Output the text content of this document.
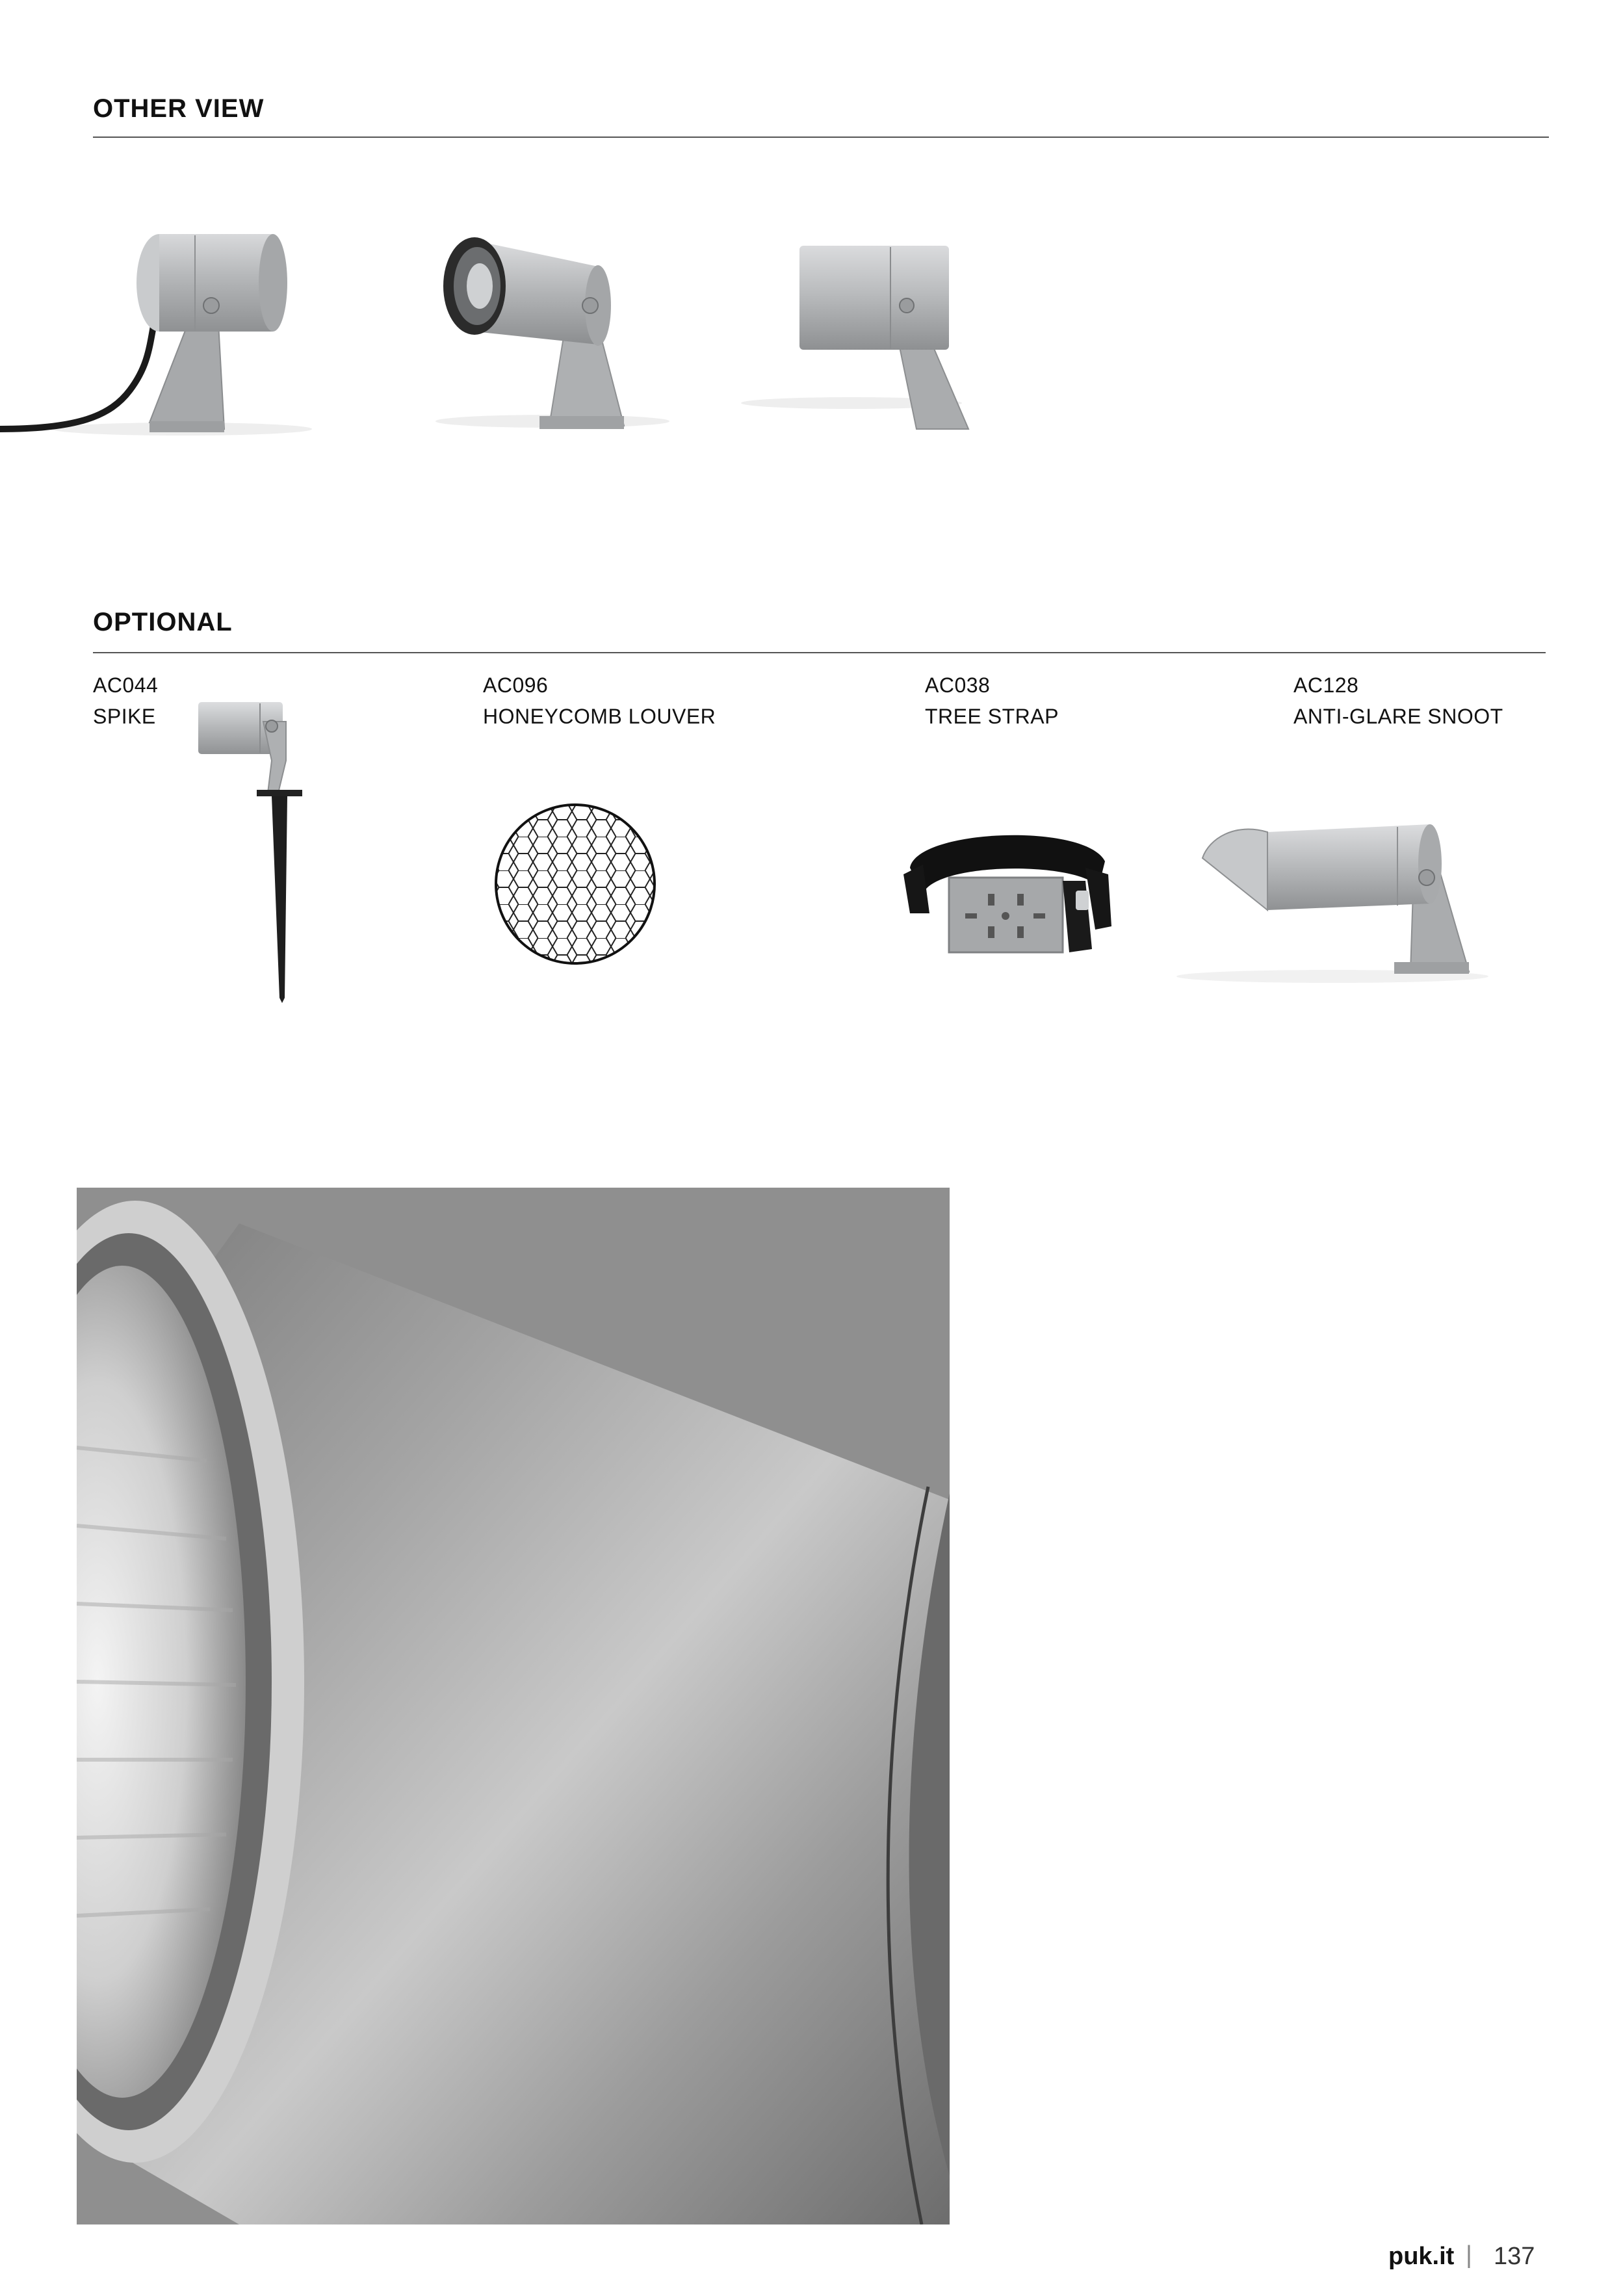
OTHER VIEW
OPTIONAL
AC044
SPIKE
AC096
HONEYCOMB LOUVER
AC038
TREE STRAP
AC128
ANTI-GLARE SNOOT
puk.it | 137
